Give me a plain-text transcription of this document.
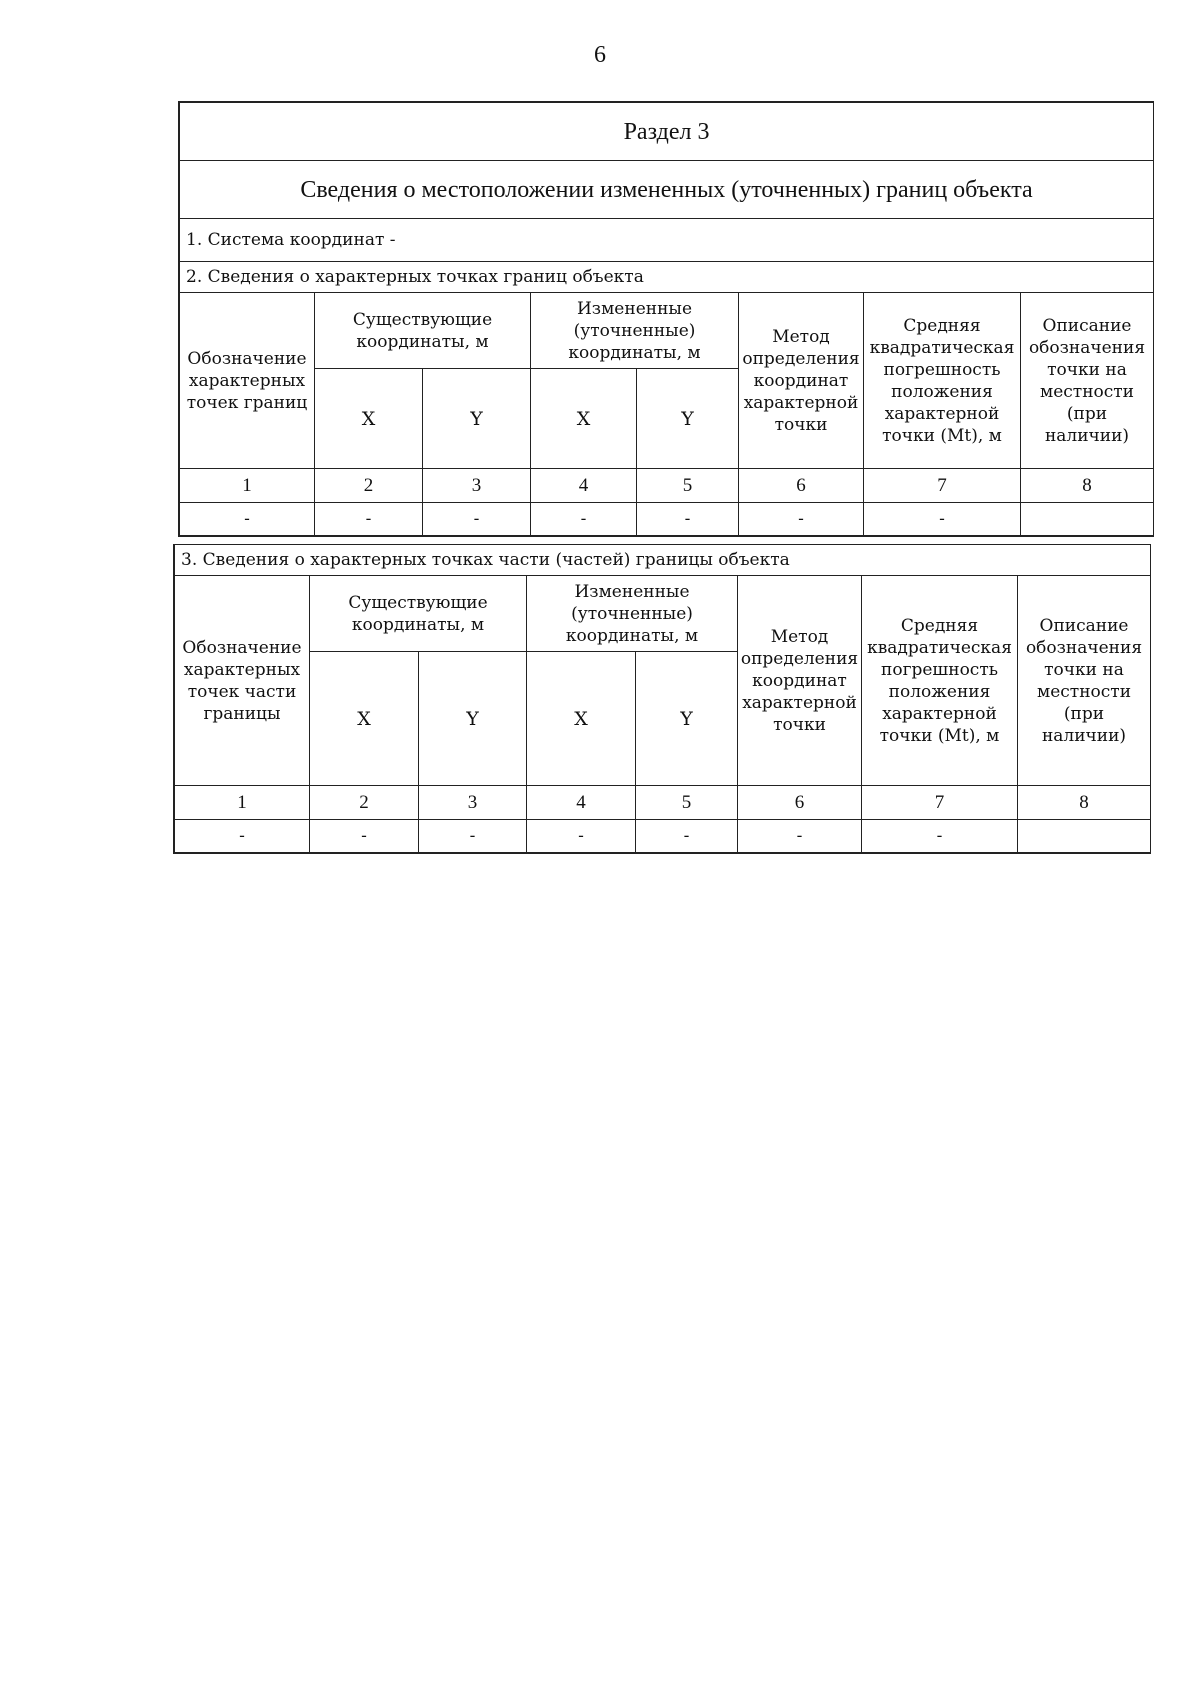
6
Раздел 3							
Сведения о местоположении измененных (уточненных) границ объекта							
1. Система координат -							
2. Сведения о характерных точках границ объекта							
Обозначение характерных точек границ	Существующие координаты, м		Измененные (уточненные) координаты, м		Метод определения координат характерной точки	Средняя квадратическая погрешность положения характерной точки (Mt), м	Описание обозначения точки на местности (при наличии)
	X	Y	X	Y			
1	2	3	4	5	6	7	8
-	-	-	-	-	-	-	
3. Сведения о характерных точках части (частей) границы объекта							
Обозначение характерных точек части границы	Существующие координаты, м		Измененные (уточненные) координаты, м		Метод определения координат характерной точки	Средняя квадратическая погрешность положения характерной точки (Mt), м	Описание обозначения точки на местности (при наличии)
	X	Y	X	Y			
1	2	3	4	5	6	7	8
-	-	-	-	-	-	-	
